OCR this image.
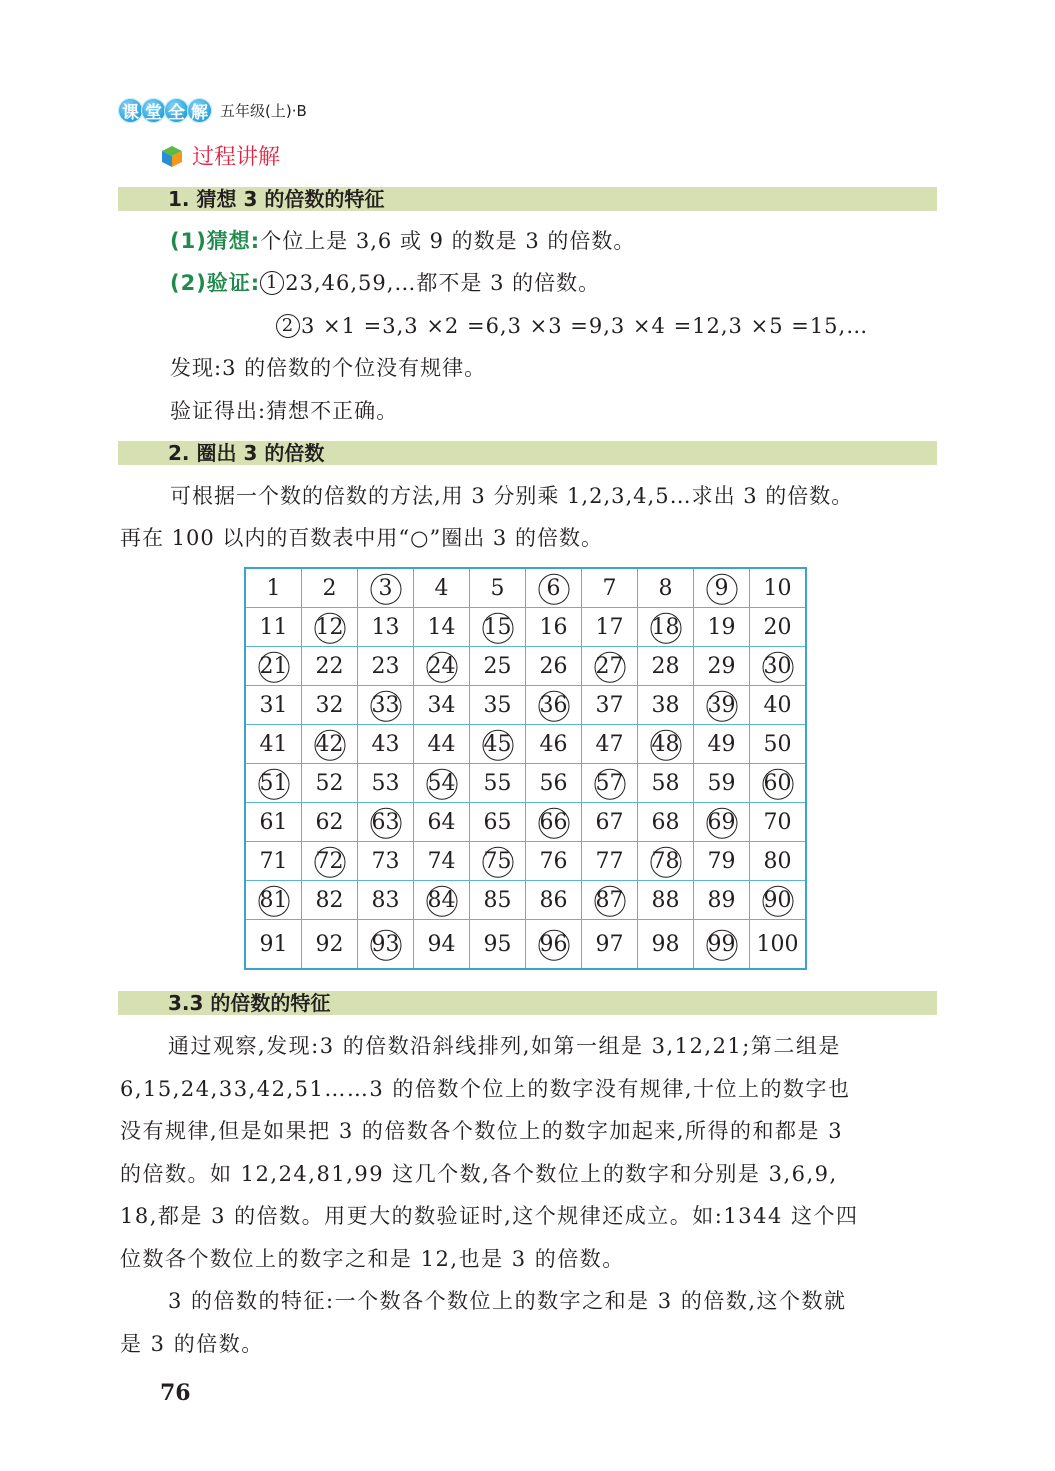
课 堂 全 解 五年级(上)·B
过程讲解
1. 猜想 3 的倍数的特征
(1)猜想:个位上是 3,6 或 9 的数是 3 的倍数。
(2)验证: 1 23,46,59,…都不是 3 的倍数。
2 3 ×1 =3,3 ×2 =6,3 ×3 =9,3 ×4 =12,3 ×5 =15,…
发现:3 的倍数的个位没有规律。
验证得出:猜想不正确。
2. 圈出 3 的倍数
可根据一个数的倍数的方法,用 3 分别乘 1,2,3,4,5…求出 3 的倍数。
再在 100 以内的百数表中用“○”圈出 3 的倍数。
1	2	3	4	5	6	7	8	9	10
11	12	13	14	15	16	17	18	19	20
21	22	23	24	25	26	27	28	29	30
31	32	33	34	35	36	37	38	39	40
41	42	43	44	45	46	47	48	49	50
51	52	53	54	55	56	57	58	59	60
61	62	63	64	65	66	67	68	69	70
71	72	73	74	75	76	77	78	79	80
81	82	83	84	85	86	87	88	89	90
91	92	93	94	95	96	97	98	99	100
3.3 的倍数的特征

通过观察,发现:3 的倍数沿斜线排列,如第一组是 3,12,21;第二组是

6,15,24,33,42,51……3 的倍数个位上的数字没有规律,十位上的数字也

没有规律,但是如果把 3 的倍数各个数位上的数字加起来,所得的和都是 3

的倍数。如 12,24,81,99 这几个数,各个数位上的数字和分别是 3,6,9,

18,都是 3 的倍数。用更大的数验证时,这个规律还成立。如:1344 这个四

位数各个数位上的数字之和是 12,也是 3 的倍数。

3 的倍数的特征:一个数各个数位上的数字之和是 3 的倍数,这个数就

是 3 的倍数。

76
